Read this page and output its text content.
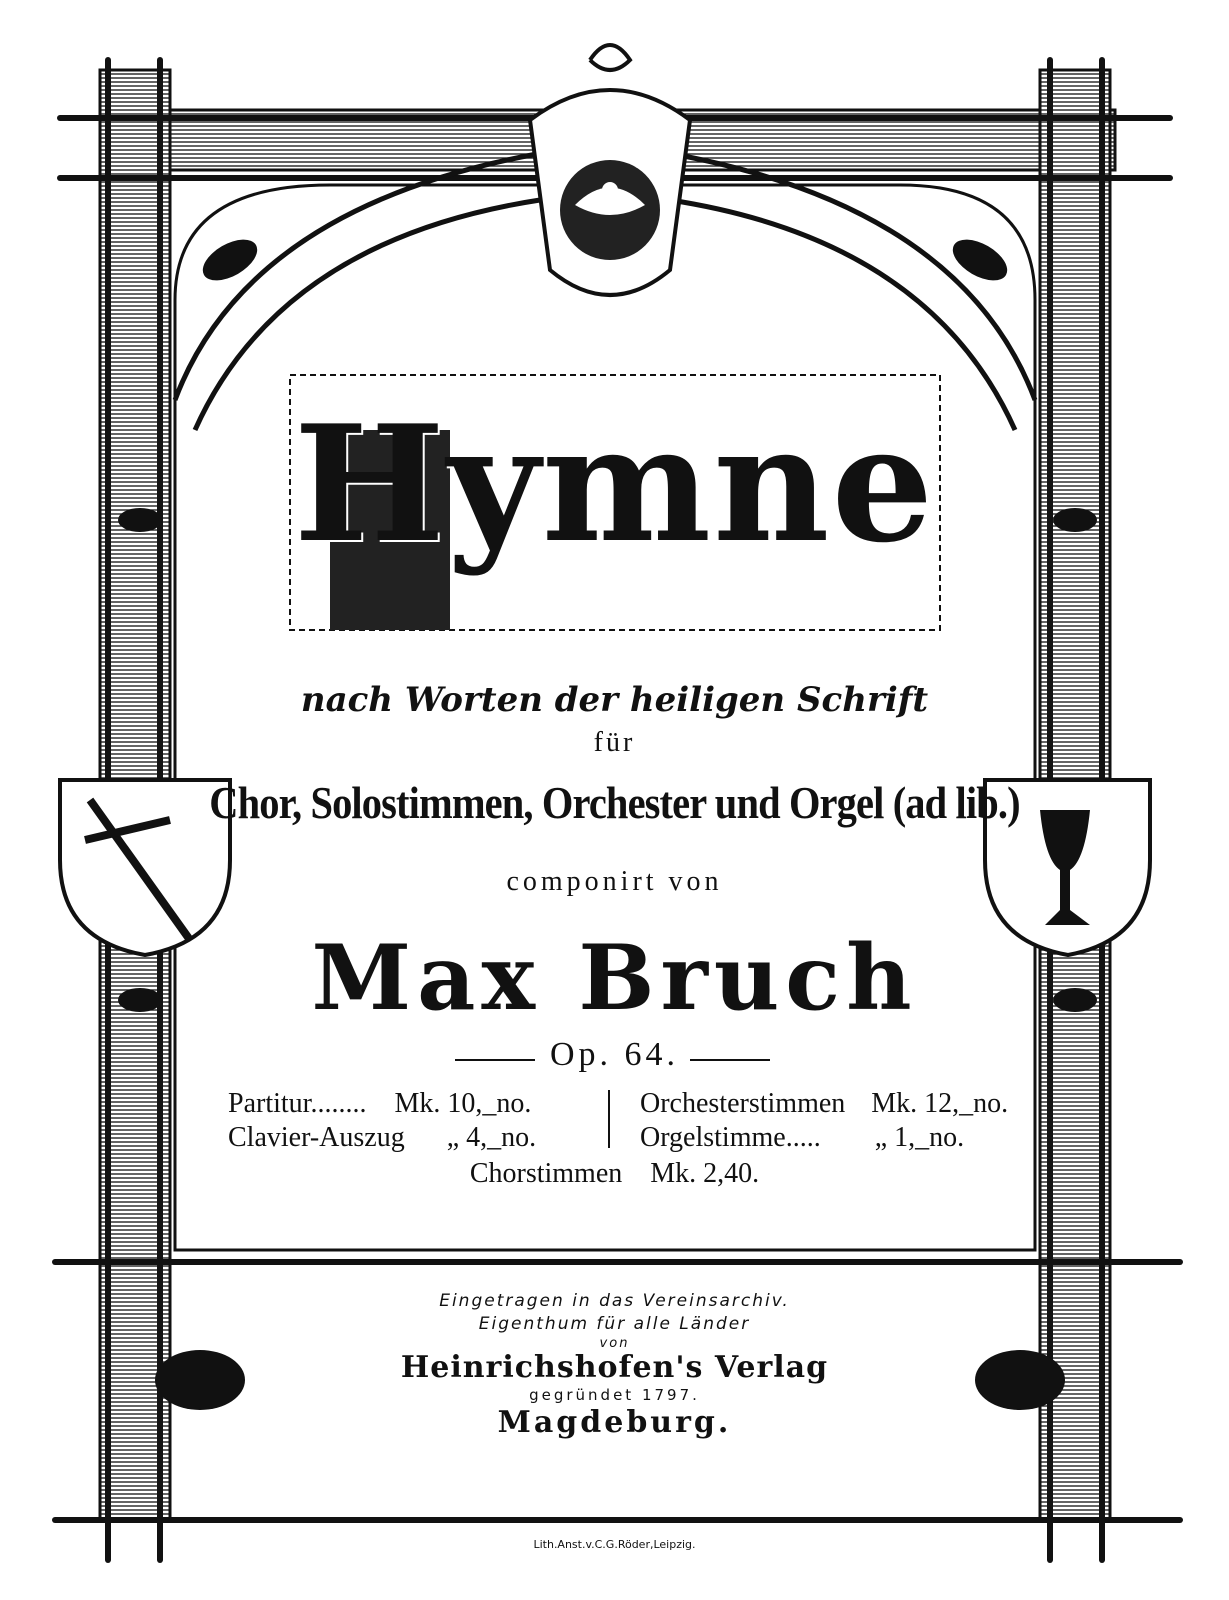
Hymne
nach Worten der heiligen Schrift
für
Chor, Solostimmen, Orchester und Orgel (ad lib.)
componirt von
Max Bruch
Op. 64.
Partitur........ Mk. 10,_no.
Clavier-Auszug „ 4,_no.
Orchesterstimmen Mk. 12,_no.
Orgelstimme..... „ 1,_no.
Chorstimmen Mk. 2,40.
Eingetragen in das Vereinsarchiv.
Eigenthum für alle Länder
von
Heinrichshofen's Verlag
gegründet 1797.
Magdeburg.
Lith.Anst.v.C.G.Röder,Leipzig.
